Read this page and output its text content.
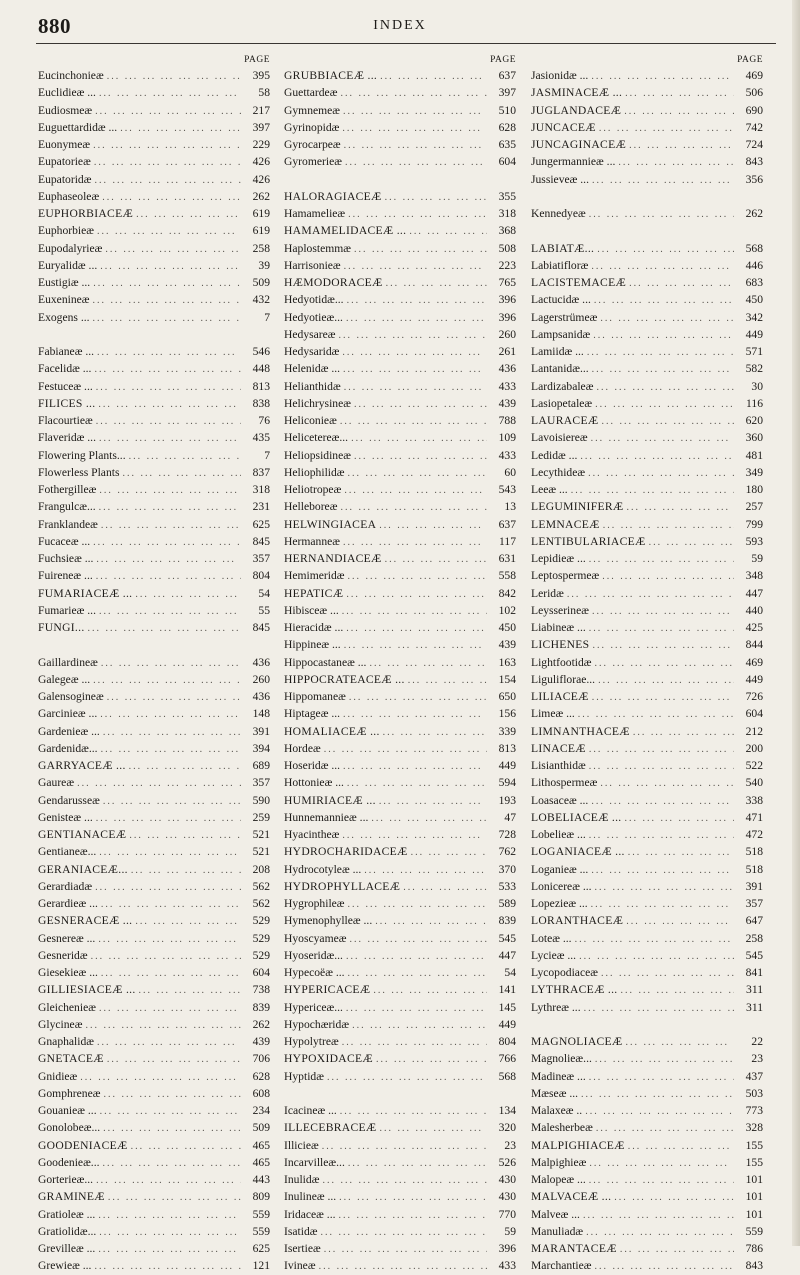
880	INDEX
PAGE
Eucinchonieæ ... .	395
Euclidieæ ... ... .	58
Eudiosmeæ ... .	217
Euguettardidæ ... ... .	397
Euonymeæ ... .	229
Eupatorieæ ... .	426
Eupatoridæ ... .	426
Euphaseoleæ ... .	262
EUPHORBIACEÆ ... .	619
Euphorbieæ ... .	619
Eupodalyrieæ ... .	258
Euryalidæ ... ... .	39
Eustigiæ ... ... .	509
Euxenineæ ... .	432
Exogens ... ... .	7
Fabianeæ ... ... .	546
Facelidæ ... ... .	448
Festuceæ ... ... .	813
FILICES ... ... .	838
Flacourtieæ ... .	76
Flaveridæ ... ... .	435
Flowering Plants... ... .	7
Flowerless Plants ... .	837
Fothergilleæ ... .	318
Frangulcæ... ... .	231
Franklandeæ ... .	625
Fucaceæ ... ... .	845
Fuchsieæ ... ... .	357
Fuireneæ ... ... .	804
FUMARIACEÆ ... ... .	54
Fumarieæ ... ... .	55
FUNGI... ... .	845
Gaillardineæ ... .	436
Galegeæ ... ... .	260
Galensogineæ ... .	436
Garcinieæ ... ... .	148
Gardenieæ ... ... .	391
Gardenidæ... ... .	394
GARRYACEÆ ... ... .	689
Gaureæ ... .	357
Gendarusseæ ... .	590
Genisteæ ... ... .	259
GENTIANACEÆ ... .	521
Gentianeæ... ... .	521
GERANIACEÆ... ... .	208
Gerardiadæ ... .	562
Gerardieæ ... ... .	562
GESNERACEÆ ... ... .	529
Gesnereæ ... ... .	529
Gesneridæ ... .	529
Giesekieæ ... ... .	604
GILLIESIACEÆ ... ... .	738
Gleichenieæ ... .	839
Glycineæ ... .	262
Gnaphalidæ ... .	439
GNETACEÆ ... .	706
Gnidieæ ... .	628
Gomphreneæ ... .	608
Gouanieæ ... ... .	234
Gonolobeæ... ... .	509
GOODENIACEÆ ... .	465
Goodenieæ... ... .	465
Gorterieæ... ... .	443
GRAMINEÆ ... .	809
Gratioleæ ... ... .	559
Gratiolidæ... ... .	559
Grevilleæ ... ... .	625
Grewieæ ... ... .	121
PAGE
GRUBBIACEÆ ... ... .	637
Guettardeæ ... .	397
Gymnemeæ ... .	510
Gyrinopidæ ... .	628
Gyrocarpeæ ... .	635
Gyromerieæ ... .	604
HALORAGIACEÆ ... .	355
Hamamelieæ ... .	318
HAMAMELIDACEÆ ... ... .	368
Haplostemmæ ... .	508
Harrisonieæ ... .	223
HÆMODORACEÆ ... .	765
Hedyotidæ... ... .	396
Hedyotieæ... ... .	396
Hedysareæ ... .	260
Hedysaridæ ... .	261
Helenidæ ... ... .	436
Helianthidæ ... .	433
Helichrysineæ ... .	439
Heliconieæ ... .	788
Helicetereæ... ... .	109
Heliopsidineæ ... .	433
Heliophilidæ ... .	60
Heliotropeæ ... .	543
Helleboreæ ... .	13
HELWINGIACEA ... .	637
Hermanneæ ... .	117
HERNANDIACEÆ ... .	631
Hemimeridæ ... .	558
HEPATICÆ ... .	842
Hibisceæ ... ... .	102
Hieracidæ ... ... .	450
Hippineæ ... ... .	439
Hippocastaneæ ... ... .	163
HIPPOCRATEACEÆ ... ... .	154
Hippomaneæ ... .	650
Hiptageæ ... ... .	156
HOMALIACEÆ ... ... .	339
Hordeæ ... .	813
Hoseridæ ... ... .	449
Hottonieæ ... ... .	594
HUMIRIACEÆ ... ... .	193
Hunnemannieæ ... ... .	47
Hyacintheæ ... .	728
HYDROCHARIDACEÆ ... .	762
Hydrocotyleæ ... ... .	370
HYDROPHYLLACEÆ ... .	533
Hygrophileæ ... .	589
Hymenophylleæ ... ... .	839
Hyoscyameæ ... .	545
Hyoseridæ... ... .	447
Hypecoëæ ... ... .	54
HYPERICACEÆ ... .	141
Hypericeæ... ... .	145
Hypochæridæ ... .	449
Hypolytreæ ... .	804
HYPOXIDACEÆ ... .	766
Hyptidæ ... .	568
Icacineæ ... ... .	134
ILLECEBRACEÆ ... .	320
Illicieæ ... .	23
Incarvilleæ... ... .	526
Inulidæ ... .	430
Inulineæ ... ... .	430
Iridaceæ ... ... .	770
Isatidæ ... .	59
Isertieæ ... .	396
Ivineæ ... .	433
PAGE
Jasionidæ ... ... .	469
JASMINACEÆ ... ... .	506
JUGLANDACEÆ ... .	690
JUNCACEÆ ... .	742
JUNCAGINACEÆ ... .	724
Jungermannieæ ... ... .	843
Jussieveæ ... ... .	356
Kennedyeæ ... .	262
LABIATÆ... ... .	568
Labiatifloræ ... .	446
LACISTEMACEÆ ... .	683
Lactucidæ ... ... .	450
Lagerstrümeæ ... .	342
Lampsanidæ ... .	449
Lamiidæ ... ... .	571
Lantanidæ... ... .	582
Lardizabaleæ ... .	30
Lasiopetaleæ ... .	116
LAURACEÆ ... .	620
Lavoisiereæ ... .	360
Ledidæ ... ... .	481
Lecythideæ ... .	349
Leeæ ... ... .	180
LEGUMINIFERÆ ... .	257
LEMNACEÆ ... .	799
LENTIBULARIACEÆ ... .	593
Lepidieæ ... ... .	59
Leptospermeæ ... .	348
Leridæ ... .	447
Leysserineæ ... .	440
Liabineæ ... ... .	425
LICHENES ... .	844
Lightfootidæ ... .	469
Liguliflorae... ... .	449
LILIACEÆ ... .	726
Limeæ ... ... .	604
LIMNANTHACEÆ ... .	212
LINACEÆ ... .	200
Lisianthidæ ... .	522
Lithospermeæ ... .	540
Loasaceæ ... ... .	338
LOBELIACEÆ ... ... .	471
Lobelieæ ... ... .	472
LOGANIACEÆ ... ... .	518
Loganieæ ... ... .	518
Lonicereæ ... ... .	391
Lopezieæ ... ... .	357
LORANTHACEÆ ... .	647
Loteæ ... ... .	258
Lycieæ ... ... .	545
Lycopodiaceæ ... .	841
LYTHRACEÆ ... ... .	311
Lythreæ ... ... .	311
MAGNOLIACEÆ ... .	22
Magnolieæ... ... .	23
Madineæ ... ... .	437
Mæseæ ... ... .	503
Malaxeæ .. ... .	773
Malesherbeæ ... .	328
MALPIGHIACEÆ ... .	155
Malpighieæ ... .	155
Malopeæ ... ... .	101
MALVACEÆ ... ... .	101
Malveæ ... ... .	101
Manuliadæ ... .	559
MARANTACEÆ ... .	786
Marchantieæ ... .	843
